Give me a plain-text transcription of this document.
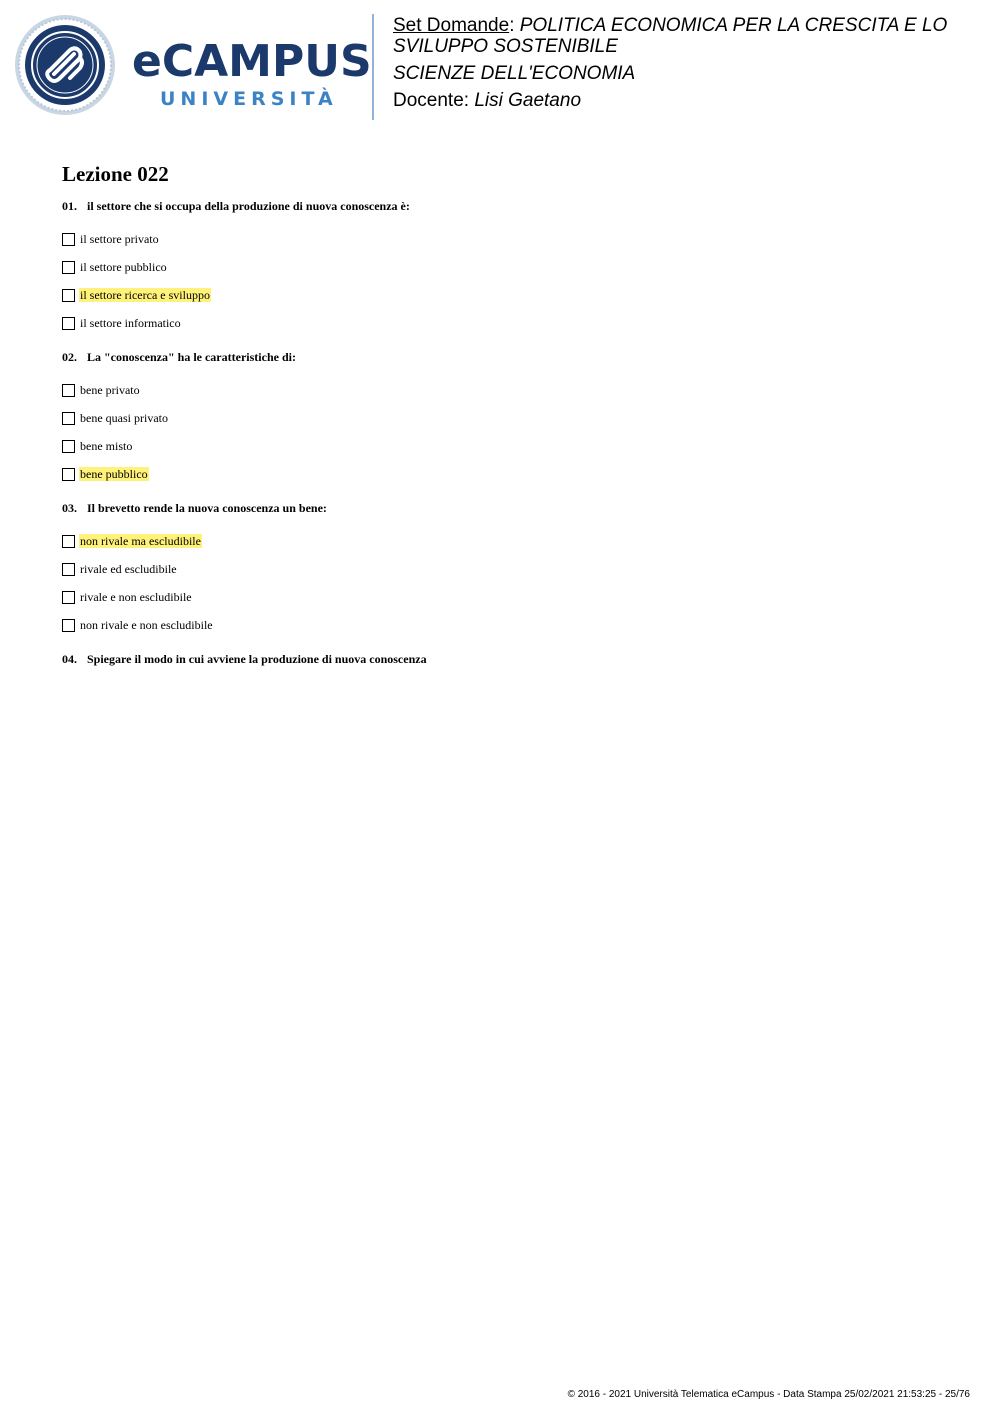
eCAMPUS
UNIVERSITÀ

Set Domande: POLITICA ECONOMICA PER LA CRESCITA E LO

SVILUPPO SOSTENIBILE

SCIENZE DELL'ECONOMIA

Docente: Lisi Gaetano

Lezione 022
01. il settore che si occupa della produzione di nuova conoscenza è:
il settore privato
il settore pubblico
il settore ricerca e sviluppo
il settore informatico
02. La "conoscenza" ha le caratteristiche di:
bene privato
bene quasi privato
bene misto
bene pubblico
03. Il brevetto rende la nuova conoscenza un bene:
non rivale ma escludibile
rivale ed escludibile
rivale e non escludibile
non rivale e non escludibile
04. Spiegare il modo in cui avviene la produzione di nuova conoscenza
© 2016 - 2021 Università Telematica eCampus - Data Stampa 25/02/2021 21:53:25 - 25/76
